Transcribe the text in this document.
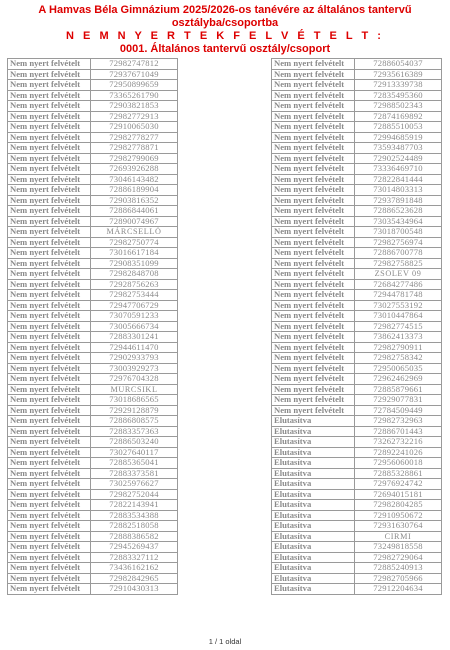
A Hamvas Béla Gimnázium 2025/2026-os tanévére az általános tantervű
osztályba/csoportba
N E M N Y E R T E K F E L V É T E L T :
0001. Általános tantervű osztály/csoport
Nem nyert felvételt	72982747812
Nem nyert felvételt	72937671049
Nem nyert felvételt	72950899659
Nem nyert felvételt	73365261790
Nem nyert felvételt	72903821853
Nem nyert felvételt	72982772913
Nem nyert felvételt	72910065030
Nem nyert felvételt	72982778277
Nem nyert felvételt	72982778871
Nem nyert felvételt	72982799069
Nem nyert felvételt	72693926288
Nem nyert felvételt	73046143482
Nem nyert felvételt	72886189904
Nem nyert felvételt	72903816352
Nem nyert felvételt	72886844061
Nem nyert felvételt	72890074967
Nem nyert felvételt	MÁRCSELLÓ
Nem nyert felvételt	72982750774
Nem nyert felvételt	73016617184
Nem nyert felvételt	72908351099
Nem nyert felvételt	72982848708
Nem nyert felvételt	72928756263
Nem nyert felvételt	72982753444
Nem nyert felvételt	72947706729
Nem nyert felvételt	73070591233
Nem nyert felvételt	73005666734
Nem nyert felvételt	72883301241
Nem nyert felvételt	72944611470
Nem nyert felvételt	72902933793
Nem nyert felvételt	73003929273
Nem nyert felvételt	72976704328
Nem nyert felvételt	MURCSIKL
Nem nyert felvételt	73018686565
Nem nyert felvételt	72929128879
Nem nyert felvételt	72886808575
Nem nyert felvételt	72883357363
Nem nyert felvételt	72886503240
Nem nyert felvételt	73027640117
Nem nyert felvételt	72885365041
Nem nyert felvételt	72883373581
Nem nyert felvételt	73025976627
Nem nyert felvételt	72982752044
Nem nyert felvételt	72822143941
Nem nyert felvételt	72883534388
Nem nyert felvételt	72882518058
Nem nyert felvételt	72888386582
Nem nyert felvételt	72945269437
Nem nyert felvételt	72883327112
Nem nyert felvételt	73436162162
Nem nyert felvételt	72982842965
Nem nyert felvételt	72910430313
Nem nyert felvételt	72886054037
Nem nyert felvételt	72935616389
Nem nyert felvételt	72913339738
Nem nyert felvételt	72835495360
Nem nyert felvételt	72988502343
Nem nyert felvételt	72874169892
Nem nyert felvételt	72885510053
Nem nyert felvételt	72994685919
Nem nyert felvételt	73593487703
Nem nyert felvételt	72902524489
Nem nyert felvételt	73336469710
Nem nyert felvételt	72822841444
Nem nyert felvételt	73014803313
Nem nyert felvételt	72937891848
Nem nyert felvételt	72886523628
Nem nyert felvételt	73035434964
Nem nyert felvételt	73018700548
Nem nyert felvételt	72982756974
Nem nyert felvételt	72886700778
Nem nyert felvételt	72982758825
Nem nyert felvételt	ZSOLEV 09
Nem nyert felvételt	72684277486
Nem nyert felvételt	72944781748
Nem nyert felvételt	73027553192
Nem nyert felvételt	73010447864
Nem nyert felvételt	72982774515
Nem nyert felvételt	73862413373
Nem nyert felvételt	72982790911
Nem nyert felvételt	72982758342
Nem nyert felvételt	72950065035
Nem nyert felvételt	72962462969
Nem nyert felvételt	72885879661
Nem nyert felvételt	72929077831
Nem nyert felvételt	72784509449
Elutasítva	72982732963
Elutasítva	72886701443
Elutasítva	73262732216
Elutasítva	72892241026
Elutasítva	72956060018
Elutasítva	72885328861
Elutasítva	72976924742
Elutasítva	72694015181
Elutasítva	72982804285
Elutasítva	72910950672
Elutasítva	72931630764
Elutasítva	CIRMI
Elutasítva	73249818558
Elutasítva	72982729064
Elutasítva	72885240913
Elutasítva	72982705966
Elutasítva	72912204634
1 / 1 oldal
